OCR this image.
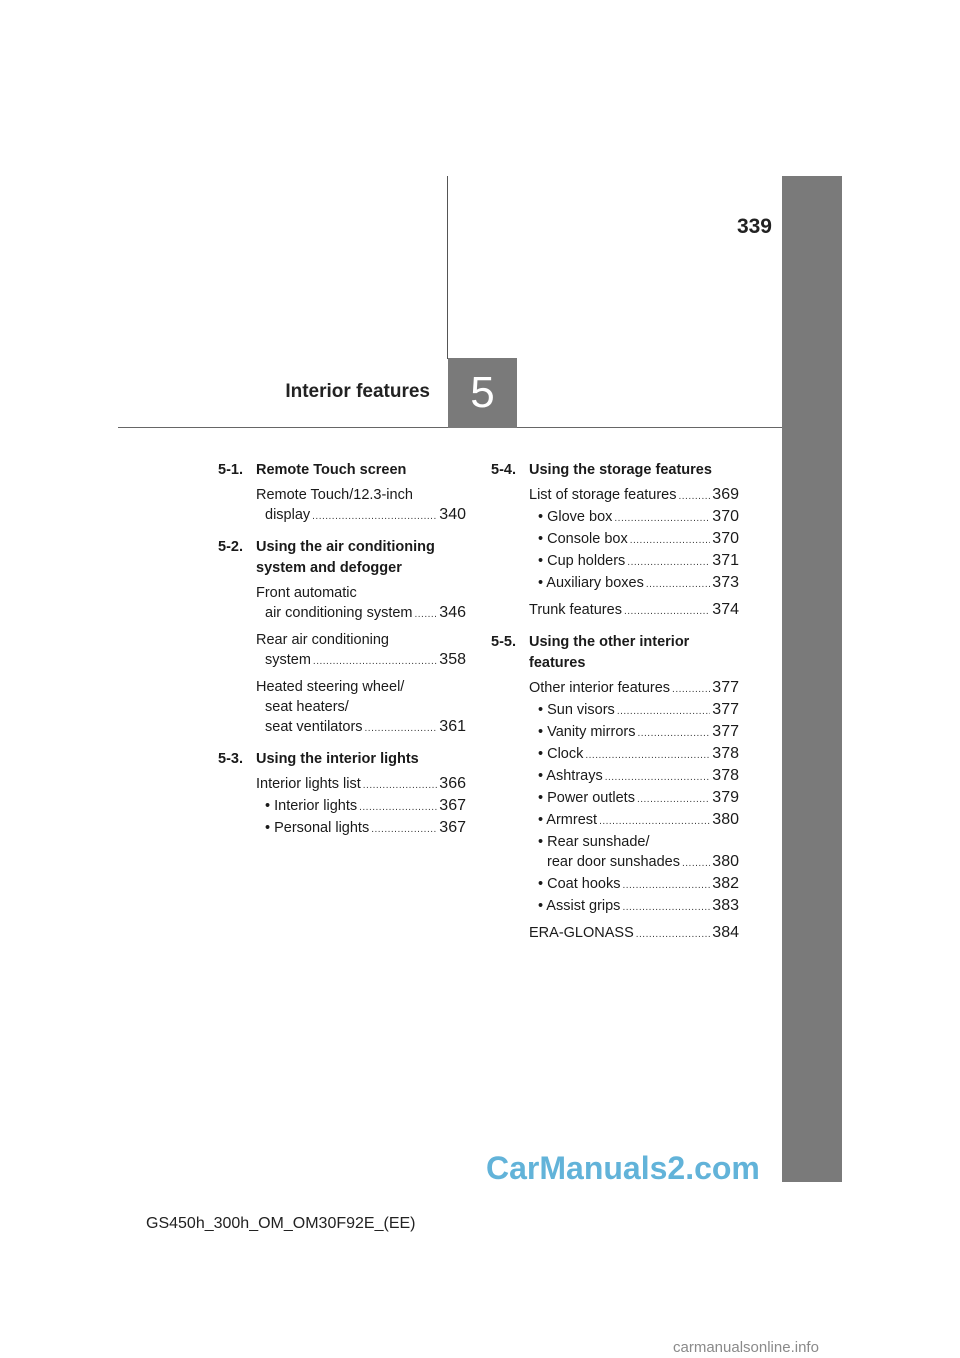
339
Interior features 5
5-1. Remote Touch screen
Remote Touch/12.3-inch
display .....	340
5-2. Using the air conditioning
system and defogger
Front automatic
air conditioning system ..... 346
Rear air conditioning
system .....	358
Heated steering wheel/
seat heaters/
seat ventilators .....	361
5-3. Using the interior lights
Interior lights list .....	366
• Interior lights .....	367
• Personal lights .....	367
5-4. Using the storage features
List of storage features ..... 369
• Glove box .....	370
• Console box .....	370
• Cup holders .....	371
• Auxiliary boxes .....	373
Trunk features .....	374
5-5. Using the other interior
features
Other interior features .....	377
• Sun visors .....	377
• Vanity mirrors .....	377
• Clock .....	378
• Ashtrays .....	378
• Power outlets .....	379
• Armrest .....	380
• Rear sunshade/
rear door sunshades ..... 380
• Coat hooks .....	382
• Assist grips .....	383
ERA-GLONASS .....	384
GS450h_300h_OM_OM30F92E_(EE)
CarManuals2.com
carmanualsonline.info
